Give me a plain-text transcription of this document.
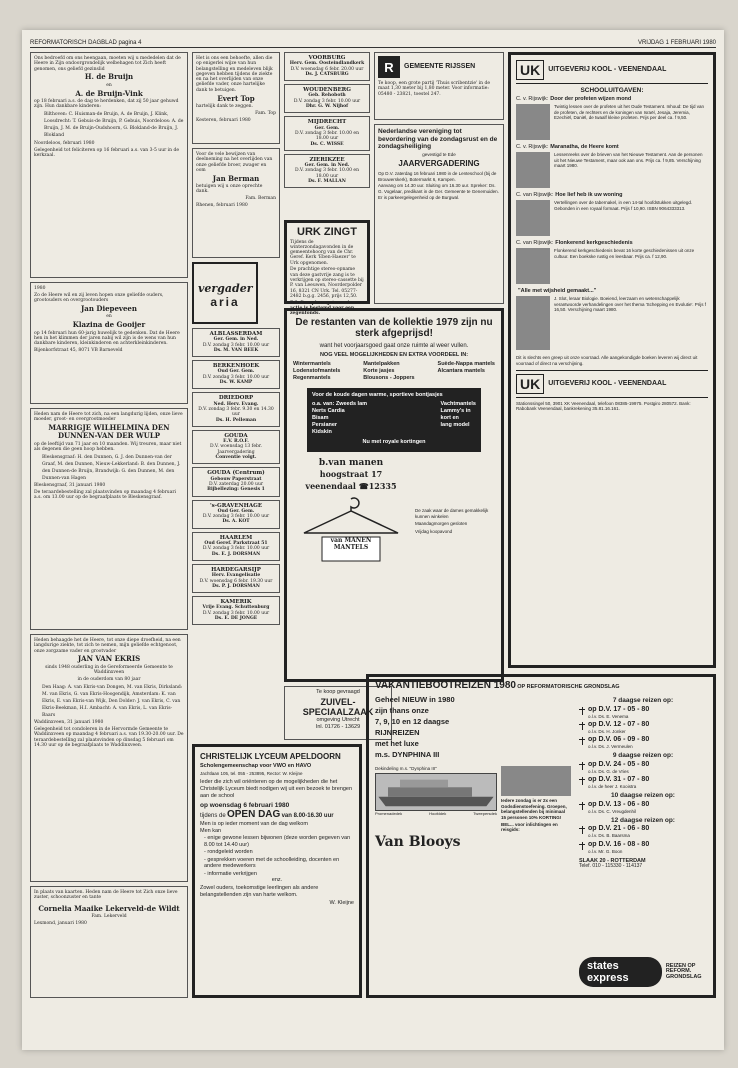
REFORMATORISCH DAGBLAD pagina 4	VRIJDAG 1 FEBRUARI 1980

Ons bedroefd om ons heengaan, moeten wij u mededelen dat de Heere in Zijn ondoorgrondelijk welbehagen tot Zich heeft genomen, ons geliefd gezinslid

H. de Bruijn

en

A. de Bruijn-Vink

op 18 februari a.s. de dag te herdenken, dat zij 50 jaar gehuwd zijn. Hun dankbare kinderen:

Bilthoven: C. Huisman-de Bruijn, A. de Bruijn, J. Klink, Loosdrecht: T. Gebuis-de Bruijn, P. Gebuis, Noordeloos: A. de Bruijn, J. M. de Bruijn-Oudshoorn, G. Blokland-de Bruijn, J. Blokland

Noordeloos, februari 1980

Gelegenheid tot feliciteren op 16 februari a.s. van 3-5 uur in de kerkzaal.

1980

Zo de Heere wil en zij leven hopen onze geliefde ouders, grootouders en overgrootouders

Jan Diepeveen

en

Klazina de Gooijer

op 14 februari hun 60-jarig huwelijk te gedenken. Dat de Heere hen in het klimmen der jaren nabij wil zijn is de wens van hun dankbare kinderen, kleinkinderen en achterkleinkinderen.

Bijenkorfstraat 45, 8071 VB Barneveld

Heden nam de Heere tot zich, na een langdurig lijden, onze lieve moeder, groot- en overgrootmoeder

MARRIGJE WILHELMINA DEN DUNNEN-VAN DER WULP

op de leeftijd van 71 jaar en 10 maanden. Wij treuren, maar niet als degenen die geen hoop hebben.

Bleskensgraaf: H. den Dunnen, G. J. den Dunnen-van der Graaf, M. den Dunnen, Nieuw-Lekkerland: B. den Dunnen, J. den Dunnen-de Bruijn, Brandwijk: G. den Dunnen, M. den Dunnen-van Hagen

Bleskensgraaf, 31 januari 1980

De teraardebestelling zal plaatsvinden op maandag 4 februari a.s. om 13.00 uur op de begraafplaats te Bleskensgraaf.

Heden behaagde het de Heere, tot onze diepe droefheid, na een langdurige ziekte, tot zich te nemen, mijn geliefde echtgenoot, onze zorgzame vader en grootvader

JAN VAN EKRIS

sinds 1948 ouderling in de Gereformeerde Gemeente te Waddinxveen

in de ouderdom van 80 jaar

Den Haag: A. van Ekris-van Dongen, M. van Ekris, Dirksland: M. van Ekris, G. van Ekris-Hoogendijk, Amsterdam: K. van Ekris, E. van Ekris-van Wijk, Den Dolder: J. van Ekris, C. van Ekris-Beekman, H.I. Ambacht: A. van Ekris, L. van Ekris-Baars

Waddinxveen, 31 januari 1980

Gelegenheid tot condoleren in de Hervormde Gemeente te Waddinxveen op maandag 4 februari a.s. van 19.30-20.00 uur. De teraardebestelling zal plaatsvinden op dinsdag 5 februari om 14.30 uur op de begraafplaats te Waddinxveen.

In plaats van kaarten. Heden nam de Heere tot Zich onze lieve zuster, schoonzuster en tante

Cornelia Maaike Lekerveld-de Wildt

Fam. Lekerveld

Lexmond, januari 1980

Het is ons een behoefte, allen die op enigerlei wijze van hun belangstelling en medeleven blijk gegeven hebben tijdens de ziekte en na het overlijden van onze geliefde vader, onze hartelijke dank te betuigen.

Evert Top

hartelijk dank te zeggen.

Fam. Top

Kesteren, februari 1980

Voor de vele bewijzen van deelneming na het overlijden van onze geliefde broer, zwager en oom

Jan Berman

betuigen wij u onze oprechte dank.

Fam. Berman

Rhenen, februari 1980

vergader
aria
ALBLASSERDAM
Ger. Gem. in Ned.
D.V. zondag 3 febr. 10.00 uur
Ds. M. VAN BEEK
BERKENHOEK
Oud Ger. Gem.
D.V. zondag 3 febr. 10.00 uur
Ds. W. KAMP
DRIEDORP
Ned. Herv. Evang.
D.V. zondag 3 febr. 9.30 en 14.30 uur
Ds. H. Pelleman
GOUDA
E.V. R.O.F.
D.V. woensdag 13 febr. Jaarvergadering
Conventie volgt.
GOUDA (Centrum)
Gebouw Paperstraat
D.V. zaterdag 20.00 uur
Bijbellezing: Genesis 1
's-GRAVENHAGE
Oud Ger. Gem.
D.V. zondag 3 febr. 10.00 uur
Ds. A. KOT
HAARLEM
Oud Geref. Parkstraat 51
D.V. zondag 3 febr. 10.00 uur
Ds. E. J. DORSMAN
HARDEGARSIJP
Herv. Evangelisatie
D.V. woensdag 6 febr. 19.30 uur
Ds. P. J. DORSMAN
KAMERIK
Vrije Evang. Schuttenburg
D.V. zondag 3 febr. 10.00 uur
Ds. E. DE JONGE
VOORBURG
Herv. Gem. Oosteindlandkerk
D.V. woensdag 6 febr. 20.00 uur
Ds. J. CATSBURG
WOUDENBERG
Geb. Rehoboth
D.V. zondag 3 febr. 10.00 uur
Dhr. G. W. Nijhof
MIJDRECHT
Ger. Gem.
D.V. zondag 3 febr. 10.00 en 18.00 uur
Ds. C. WISSE
ZIERIKZEE
Ger. Gem. in Ned.
D.V. zondag 3 febr. 10.00 en 18.00 uur
Ds. F. MALLAN
R	GEMEENTE RIJSSEN

Te koop, een grote partij 'Thuis scribentzie' in de maat 1,30 meter bij 1,80 meter. Voor informatie: 05480 - 23821, toestel 247.

Nederlandse vereniging tot bevordering van de zondagsrust en de zondagsheiliging

gevestigd te Ede

JAARVERGADERING

Op D.V. zaterdag 16 februari 1980 in de Lenteschool (bij de Brouwerskerk), Botermarkt 6, Kampen.

Aanvang om 14.30 uur. Sluiting om 16.30 uur. Spreker: Ds. G. Vogelaar, predikant in de Ger. Gemeente te Genemuiden.

Er is parkeergelegenheid op de Burgwal.

URK ZINGT

Tijdens de winterzondagavonden in de gemeentehoorg van de Chr. Geref. Kerk 'Eben-Haezer' te Urk opgenomen.

De prachtige stereo-opname van deze gastvrije zang is te verkrijgen op stereo-cassette bij P. van Leeuwen, Noorderpolder 16, 8321 CN Urk. Tel. 05277-2482 b.g.g. 2456, prijs 12,50.

P.S. De opbrengst van deze actie is bestemd voor een zegenfonds.

De restanten van de kollektie 1979 zijn nu sterk afgeprijsd!

want het voorjaarsgoed gaat onze ruimte al weer vullen.

NOG VEEL MOGELIJKHEDEN EN EXTRA VOORDEEL IN:

Wintermantels
Lodenstofmantels
Regenmantels
Mantelpakken
Korte jasjes
Blousons - Joppers
Suède-Nappa mantels
Alcantara mantels

Voor de koude dagen warme, sportieve bontjasjes

o.a. van: Zweeds lam
Nerts Cardia
Bisam
Persianer
Kidskin
Vachtmantels
Lammy's in
kort en
lang model

Nu met royale kortingen

b.van manen

hoogstraat 17

veenendaal ☎12335

van MANEN MANTELS

De zaak waar de dames gemakkelijk kunnen winkelen

Maandagmorgen gesloten

Vrijdag koopavond

Te koop gevraagd

ZUIVEL-SPECIAALZAAK

omgeving Utrecht

Inl. 01726 - 13629

CHRISTELIJK LYCEUM APELDOORN

Scholengemeenschap voor VWO en HAVO

Jachtlaan 105, tel. 055 - 253895, Rector: W. Kleijne

Ieder die zich wil oriënteren op de mogelijkheden die het Christelijk Lyceum biedt nodigen wij uit een bezoek te brengen aan de school

op woensdag 6 februari 1980

tijdens de OPEN DAG van 8.00-16.30 uur

Men is op ieder moment van de dag welkom

Men kan

- enige gewone lessen bijwonen (deze worden gegeven van 8.00 tot 14.40 uur)
- rondgeleid worden
- gesprekken voeren met de schoolleiding, docenten en andere medewerkers
- informatie verkrijgen

enz.

Zowel ouders, toekomstige leerlingen als andere belangstellenden zijn van harte welkom.

W. Kleijne

UK	UITGEVERIJ KOOL - VEENENDAAL

SCHOOLUITGAVEN:

C. v. Rijswijk: Door der profeten wijzen mond

Twintig lessen over de profeten uit het Oude Testament. Inhoud: De tijd van de profeten, de rechters en de koningen van Israël, Jesaja, Jeremia, Ezechiël, Daniël, de twaalf kleine profeten. Prijs per deel ca. f 9,50.

C. v. Rijswijk: Maranatha, de Heere komt

Lessenreeks over de brieven van het Nieuwe Testament. Aan de personen uit het Nieuwe Testament, maar ook aan ons. Prijs ca. f 9,85. Verschijning maart 1980.

C. van Rijswijk: Hoe lief heb ik uw woning

Vertellingen over de tabernakel, in een 14-tal hoofdstukken uitgelegd. Gebonden in een royaal formaat. Prijs f 10,90. ISBN 9064333313.

C. van Rijswijk: Flonkerend kerkgeschiedenis

Flonkerend kerkgeschiedenis bevat 16 korte geschiedenissen uit onze cultuur. Een boekske rustig en leesbaar. Prijs ca. f 12,90.

"Alle met wijsheid gemaakt..."

J. Slot, leraar Biologie. Boeiend, leerzaam en wetenschappelijk verantwoorde verhandelingen over het thema 'Schepping en Evolutie'. Prijs f 16,50. Verschijning maart 1980.

Dit is slechts een greep uit onze voorraad. Alle aangekondigde boeken leveren wij direct uit voorraad of direct na verschijning.

UK	UITGEVERIJ KOOL - VEENENDAAL

Stationssingel 50, 3901 XK Veenendaal, telefoon 08385-19975. Postgiro 280572. Bank: Rabobank Veenendaal, bankrekening 35.81.16.161.

VAKANTIEBOOTREIZEN 1980 OP REFORMATORISCHE GRONDSLAG

Geheel NIEUW in 1980
zijn thans onze
7, 9, 10 en 12 daagse
RIJNREIZEN
met het luxe
m.s. DYNPHINA III

Dekindeling m.s. "Dynphina III"

Promenadedek	Hoofddek	Tweepersdek

Iedere zondag is er 2x een Godsdienstoefening. Groepen, belangstellenden bij minimaal 15 personen 10% KORTING!

BEL... voor inlichtingen en reisgids:

Van Blooys

7 daagse reizen op:
op D.V. 17 - 05 - 80
o.l.v. Ds. E. Venema
op D.V. 12 - 07 - 80
o.l.v. Ds. H. Jonker
op D.V. 06 - 09 - 80
o.l.v. Ds. J. Vermeulen
9 daagse reizen op:
op D.V. 24 - 05 - 80
o.l.v. Ds. G. de Vries
op D.V. 31 - 07 - 80
o.l.v. de heer J. Kooistra
10 daagse reizen op:
op D.V. 13 - 06 - 80
o.l.v. Ds. C. Vreugdenhil
12 daagse reizen op:
op D.V. 21 - 06 - 80
o.l.v. Ds. B. Baarsma
op D.V. 16 - 08 - 80
o.l.v. Mr. G. Boon
SLAAK 20 - ROTTERDAM
Telef. 010 - 115330 - 114137
states express
REIZEN OP REFORM. GRONDSLAG
